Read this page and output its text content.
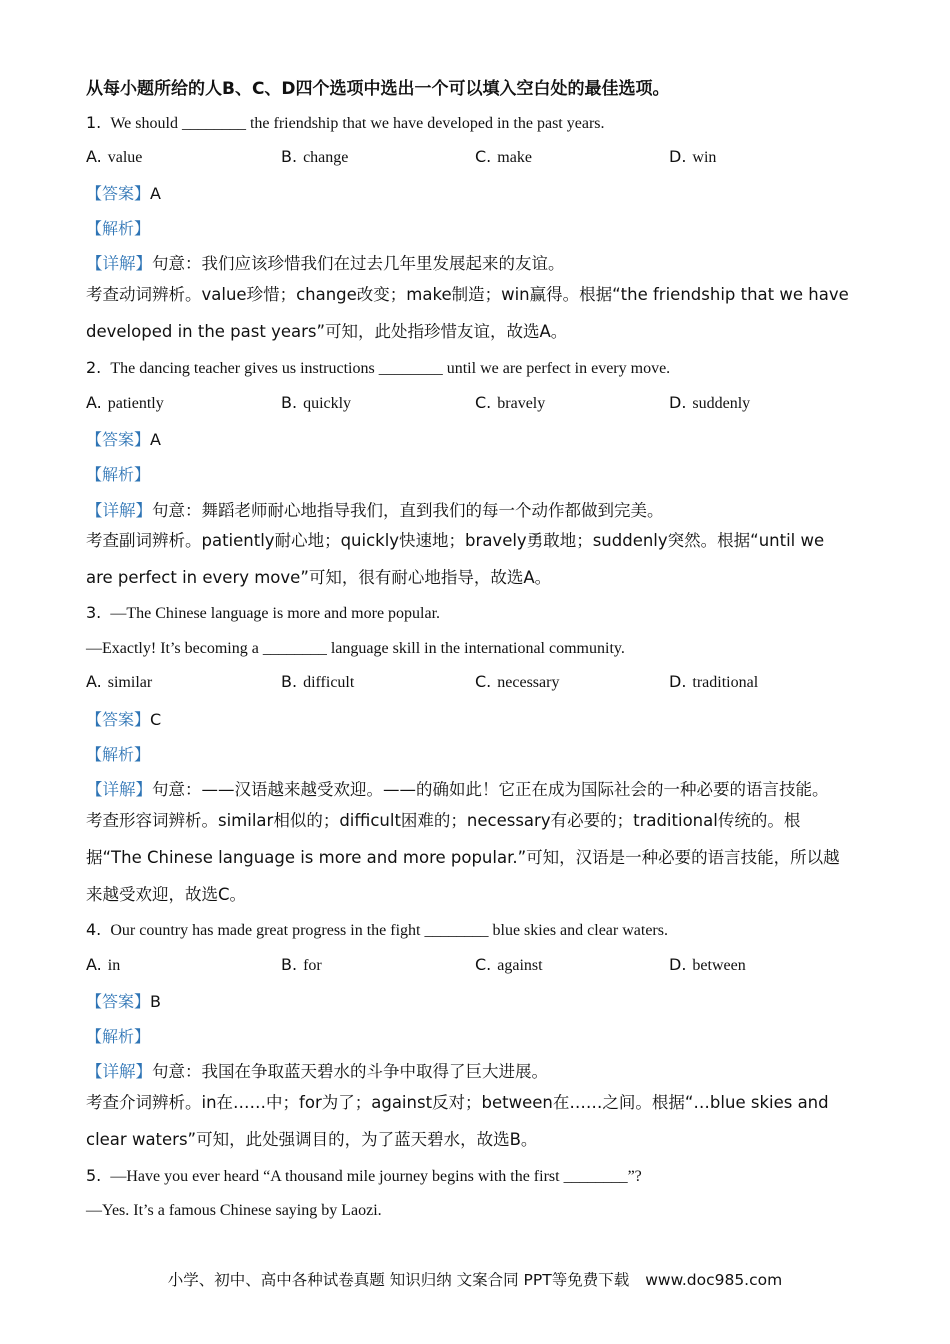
从每小题所给的人B、C、D四个选项中选出一个可以填入空白处的最佳选项。
1. We should ________ the friendship that we have developed in the past years.
A. value	B. change	C. make	D. win
【答案】A
【解析】
【详解】句意：我们应该珍惜我们在过去几年里发展起来的友谊。
考查动词辨析。value珍惜；change改变；make制造；win赢得。根据“the friendship that we have developed in the past years”可知，此处指珍惜友谊，故选A。
2. The dancing teacher gives us instructions ________ until we are perfect in every move.
A. patiently	B. quickly	C. bravely	D. suddenly
【答案】A
【解析】
【详解】句意：舞蹈老师耐心地指导我们，直到我们的每一个动作都做到完美。
考查副词辨析。patiently耐心地；quickly快速地；bravely勇敢地；suddenly突然。根据“until we are perfect in every move”可知，很有耐心地指导，故选A。
3. —The Chinese language is more and more popular.
—Exactly! It’s becoming a ________ language skill in the international community.
A. similar	B. difficult	C. necessary	D. traditional
【答案】C
【解析】
【详解】句意：——汉语越来越受欢迎。——的确如此！它正在成为国际社会的一种必要的语言技能。
考查形容词辨析。similar相似的；difficult困难的；necessary有必要的；traditional传统的。根据“The Chinese language is more and more popular.”可知，汉语是一种必要的语言技能，所以越来越受欢迎，故选C。
4. Our country has made great progress in the fight ________ blue skies and clear waters.
A. in	B. for	C. against	D. between
【答案】B
【解析】
【详解】句意：我国在争取蓝天碧水的斗争中取得了巨大进展。
考查介词辨析。in在……中；for为了；against反对；between在……之间。根据“…blue skies and clear waters”可知，此处强调目的，为了蓝天碧水，故选B。
5. —Have you ever heard “A thousand mile journey begins with the first ________”?
—Yes. It’s a famous Chinese saying by Laozi.
小学、初中、高中各种试卷真题 知识归纳 文案合同 PPT等免费下载 www.doc985.com
